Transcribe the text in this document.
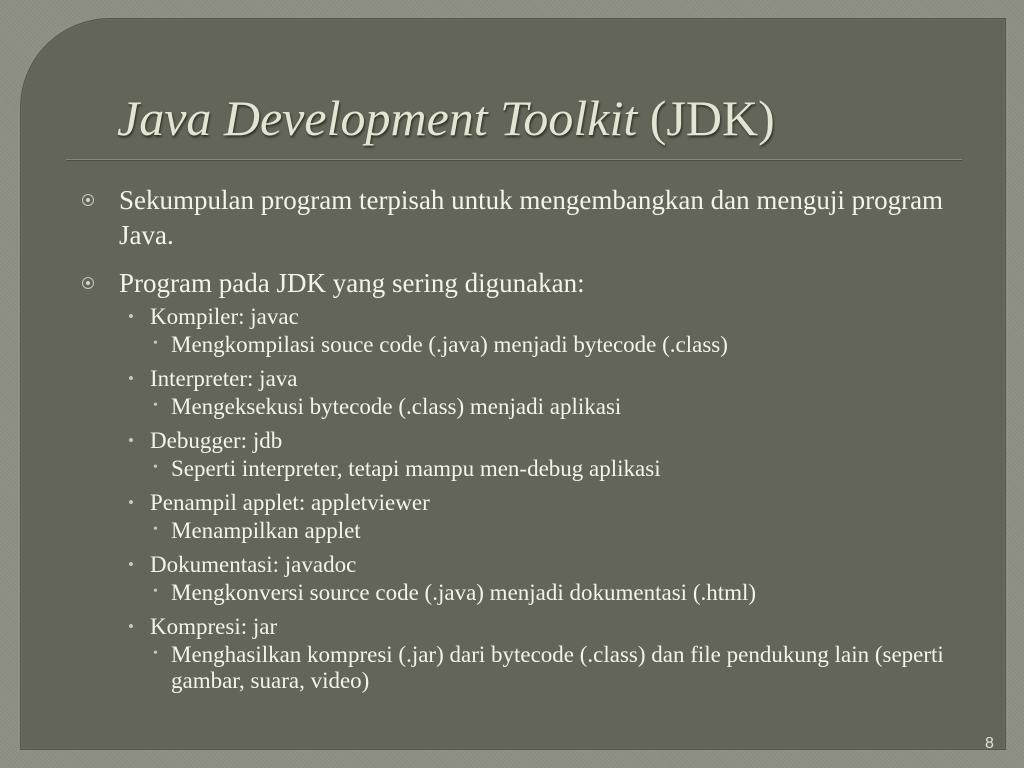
Java Development Toolkit (JDK)
Sekumpulan program terpisah untuk mengembangkan dan menguji program Java.
Program pada JDK yang sering digunakan:
• Kompiler: javac
• Mengkompilasi souce code (.java) menjadi bytecode (.class)
• Interpreter: java
• Mengeksekusi bytecode (.class) menjadi aplikasi
• Debugger: jdb
• Seperti interpreter, tetapi mampu men-debug aplikasi
• Penampil applet: appletviewer
• Menampilkan applet
• Dokumentasi: javadoc
• Mengkonversi source code (.java) menjadi dokumentasi (.html)
• Kompresi: jar
• Menghasilkan kompresi (.jar) dari bytecode (.class) dan file pendukung lain (seperti gambar, suara, video)
8
